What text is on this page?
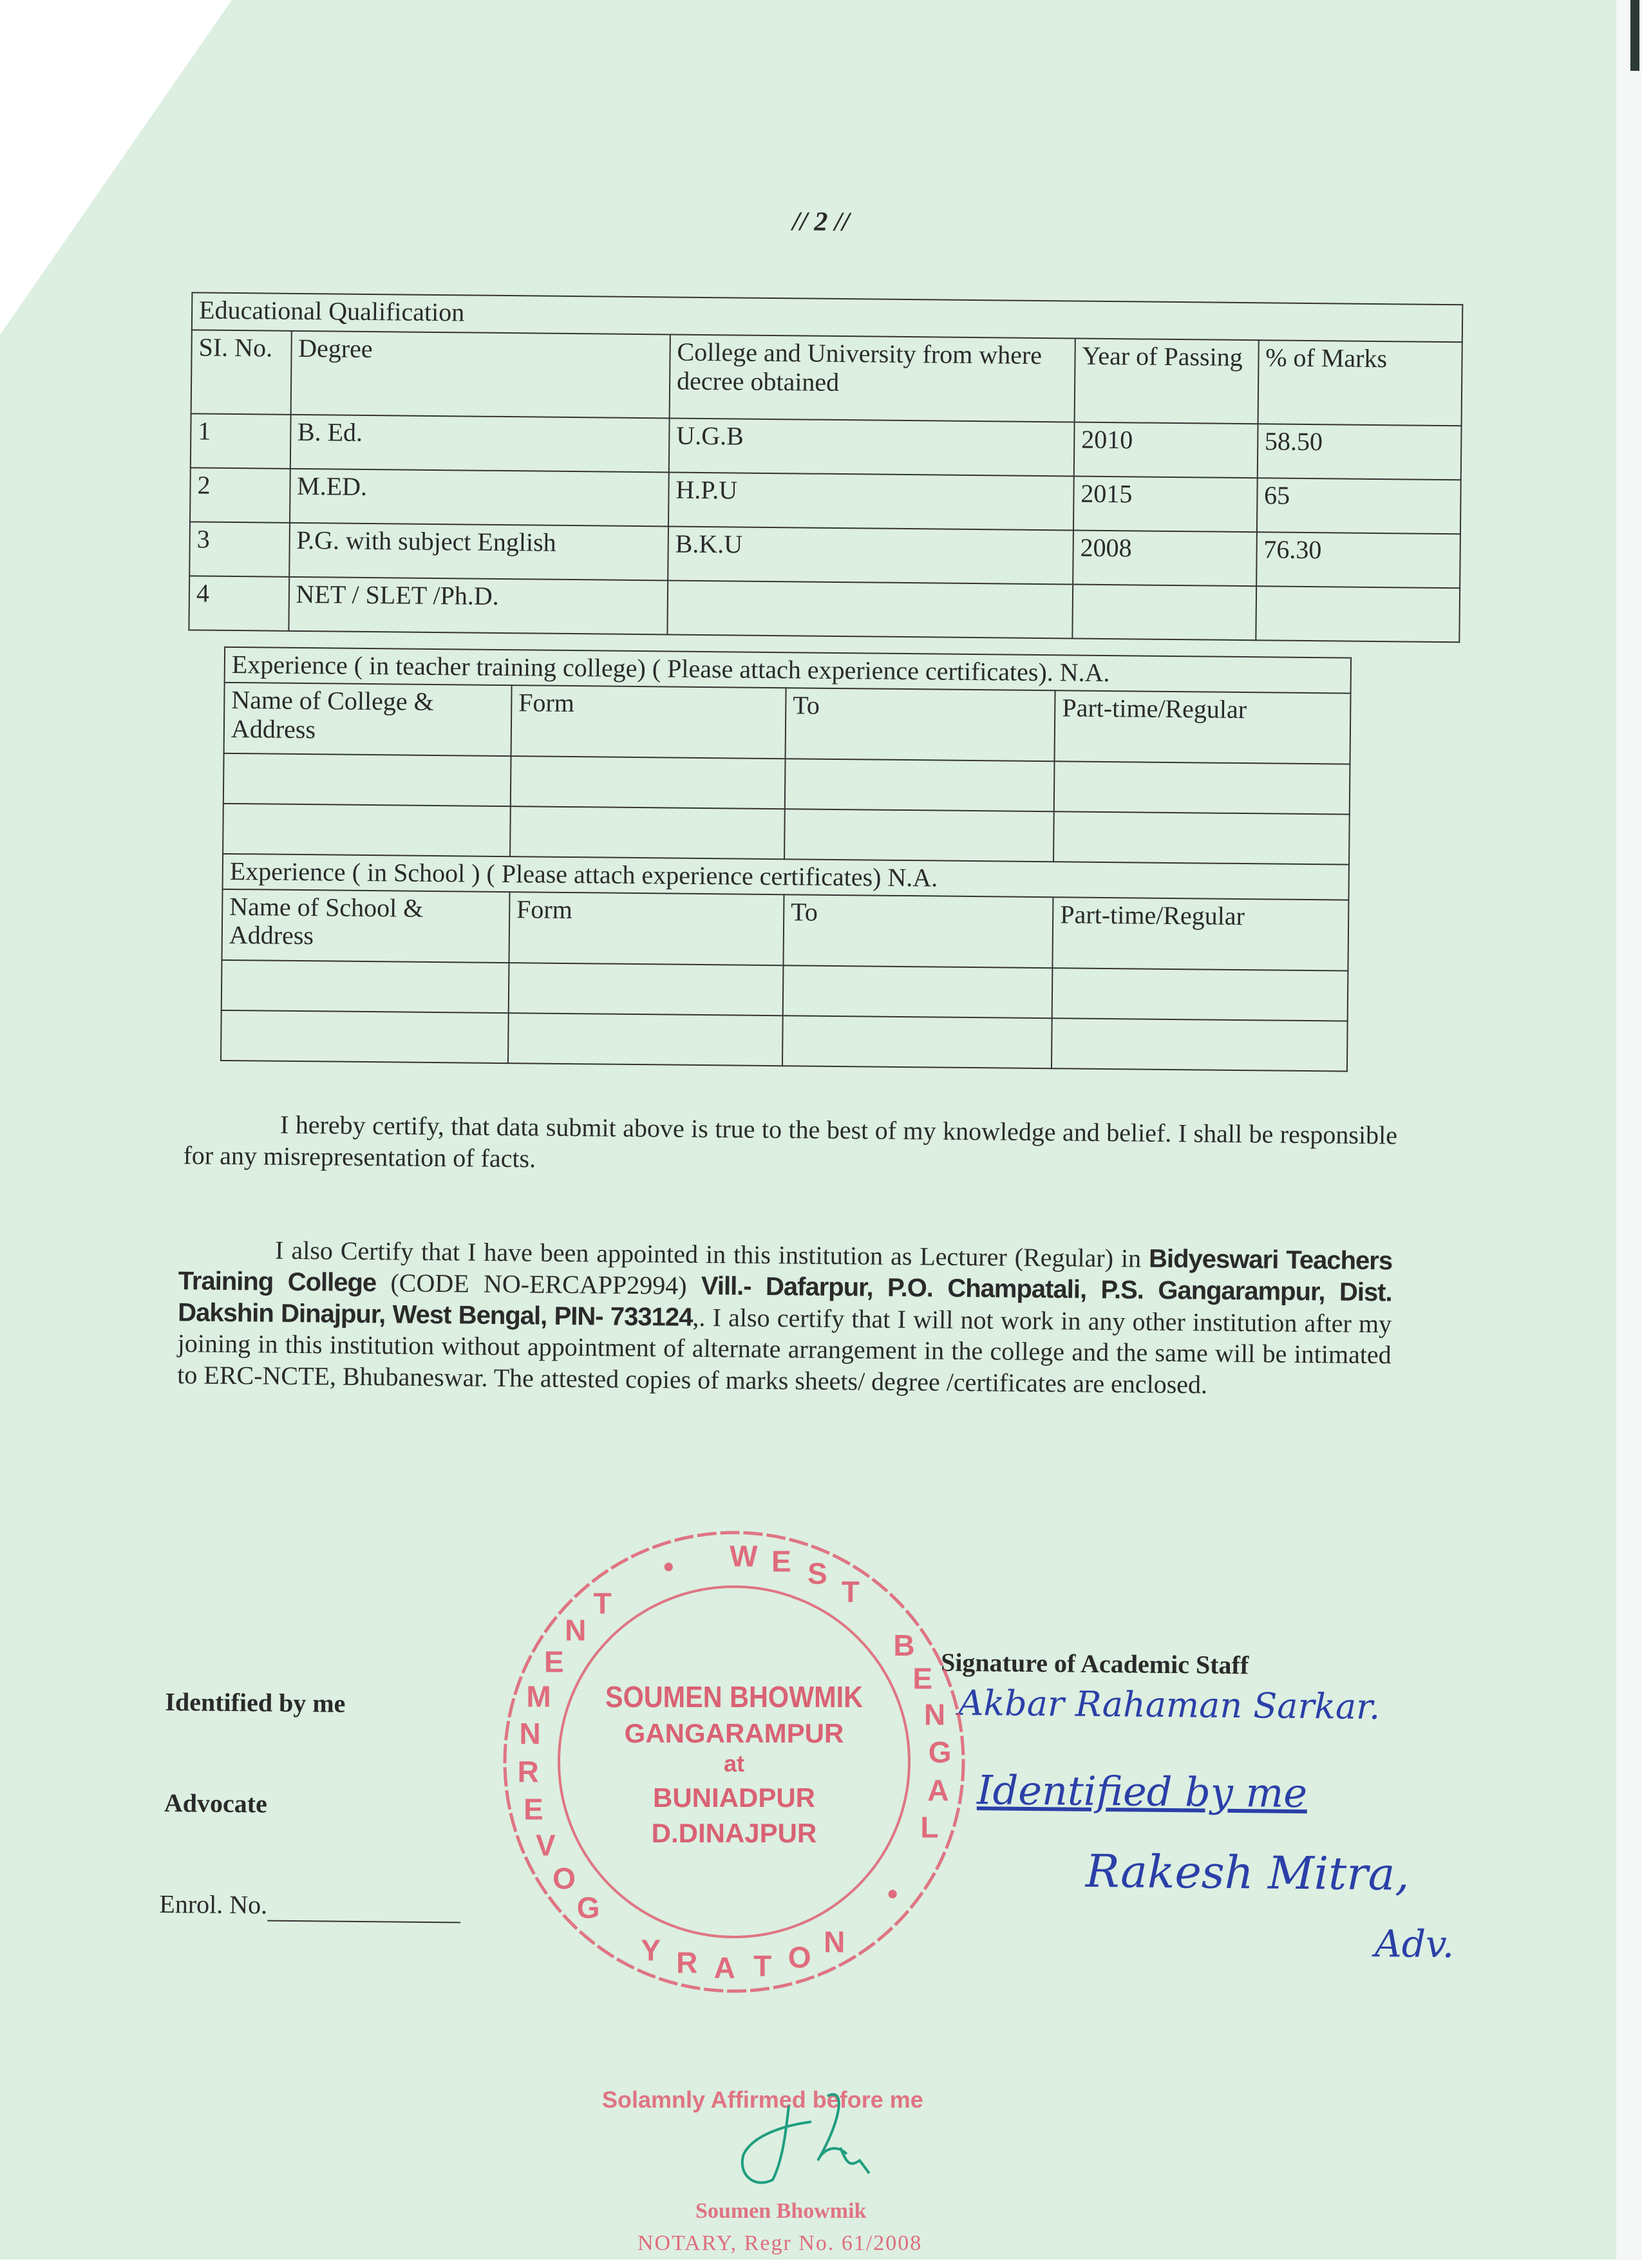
// 2 //
Educational Qualification				
SI. No.	Degree	College and University from where decree obtained	Year of Passing	% of Marks
1	B. Ed.	U.G.B	2010	58.50
2	M.ED.	H.P.U	2015	65
3	P.G. with subject English	B.K.U	2008	76.30
4	NET / SLET /Ph.D.			
Experience ( in teacher training college) ( Please attach experience certificates). N.A.			
Name of College & Address	Form	To	Part-time/Regular

Experience ( in School ) ( Please attach experience certificates) N.A.			
Name of School & Address	Form	To	Part-time/Regular

I hereby certify, that data submit above is true to the best of my knowledge and belief. I shall be responsible for any misrepresentation of facts.
I also Certify that I have been appointed in this institution as Lecturer (Regular) in Bidyeswari Teachers Training College (CODE NO-ERCAPP2994) Vill.- Dafarpur, P.O. Champatali, P.S. Gangarampur, Dist. Dakshin Dinajpur, West Bengal, PIN- 733124,. I also certify that I will not work in any other institution after my joining in this institution without appointment of alternate arrangement in the college and the same will be intimated to ERC-NCTE, Bhubaneswar. The attested copies of marks sheets/ degree /certificates are enclosed.
Identified by me
Advocate
Enrol. No.
Signature of Academic Staff
Akbar Rahaman Sarkar.
Identified by me
Rakesh Mitra,
Adv.
G
O
V
E
R
N
M
E
N
T
• W E S
T
B
E
N
G
A
L
•
N
O
T
A
R
Y
SOUMEN BHOWMIK
GANGARAMPUR
at
BUNIADPUR
D.DINAJPUR
Solamnly Affirmed before me
Soumen Bhowmik
NOTARY, Regr No. 61/2008
